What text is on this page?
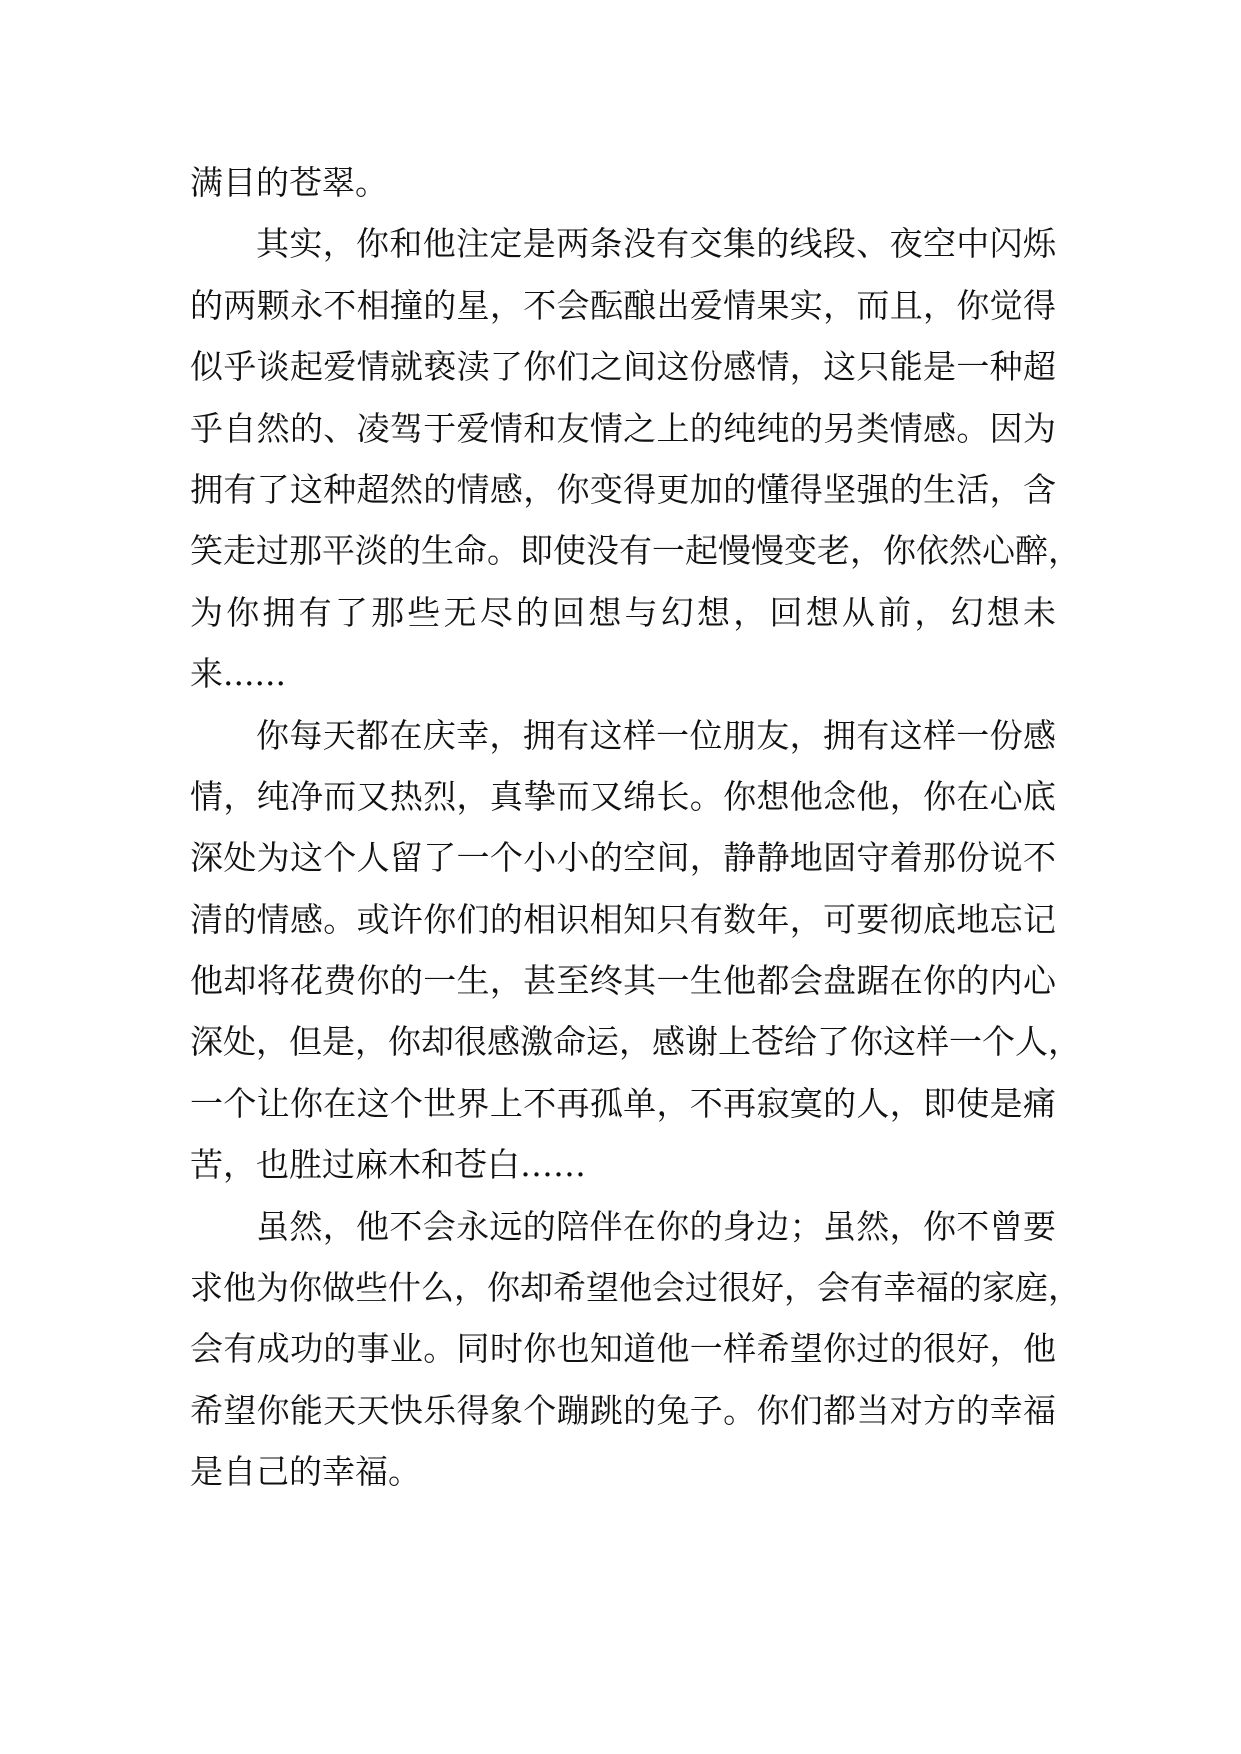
满目的苍翠。
其实，你和他注定是两条没有交集的线段、夜空中闪烁
的两颗永不相撞的星，不会酝酿出爱情果实，而且，你觉得
似乎谈起爱情就亵渎了你们之间这份感情，这只能是一种超
乎自然的、凌驾于爱情和友情之上的纯纯的另类情感。因为
拥有了这种超然的情感，你变得更加的懂得坚强的生活，含
笑走过那平淡的生命。即使没有一起慢慢变老，你依然心醉，
为你拥有了那些无尽的回想与幻想，回想从前，幻想未
来......
你每天都在庆幸，拥有这样一位朋友，拥有这样一份感
情，纯净而又热烈，真挚而又绵长。你想他念他，你在心底
深处为这个人留了一个小小的空间，静静地固守着那份说不
清的情感。或许你们的相识相知只有数年，可要彻底地忘记
他却将花费你的一生，甚至终其一生他都会盘踞在你的内心
深处，但是，你却很感激命运，感谢上苍给了你这样一个人，
一个让你在这个世界上不再孤单，不再寂寞的人，即使是痛
苦，也胜过麻木和苍白……
虽然，他不会永远的陪伴在你的身边；虽然，你不曾要
求他为你做些什么，你却希望他会过很好，会有幸福的家庭，
会有成功的事业。同时你也知道他一样希望你过的很好，他
希望你能天天快乐得象个蹦跳的兔子。你们都当对方的幸福
是自己的幸福。
